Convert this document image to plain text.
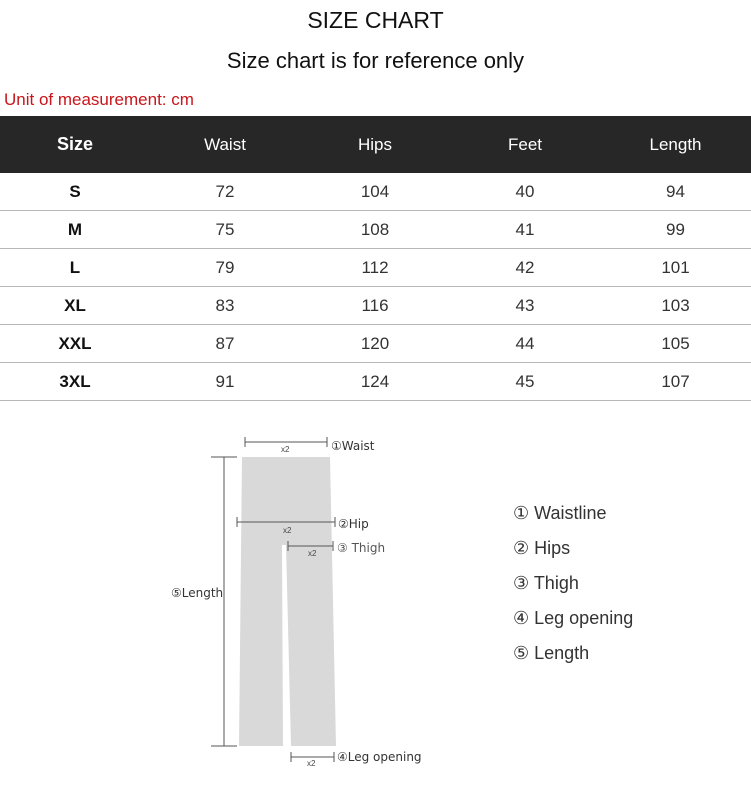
SIZE CHART
Size chart is for reference only
Unit of measurement: cm
Size	Waist	Hips	Feet	Length
S	72	104	40	94
M	75	108	41	99
L	79	112	42	101
XL	83	116	43	103
XXL	87	120	44	105
3XL	91	124	45	107
x2	①Waist
x2	②Hip
x2 ③ Thigh
⑤Length
x2 ④Leg opening
① Waistline
② Hips
③ Thigh
④ Leg opening
⑤ Length
